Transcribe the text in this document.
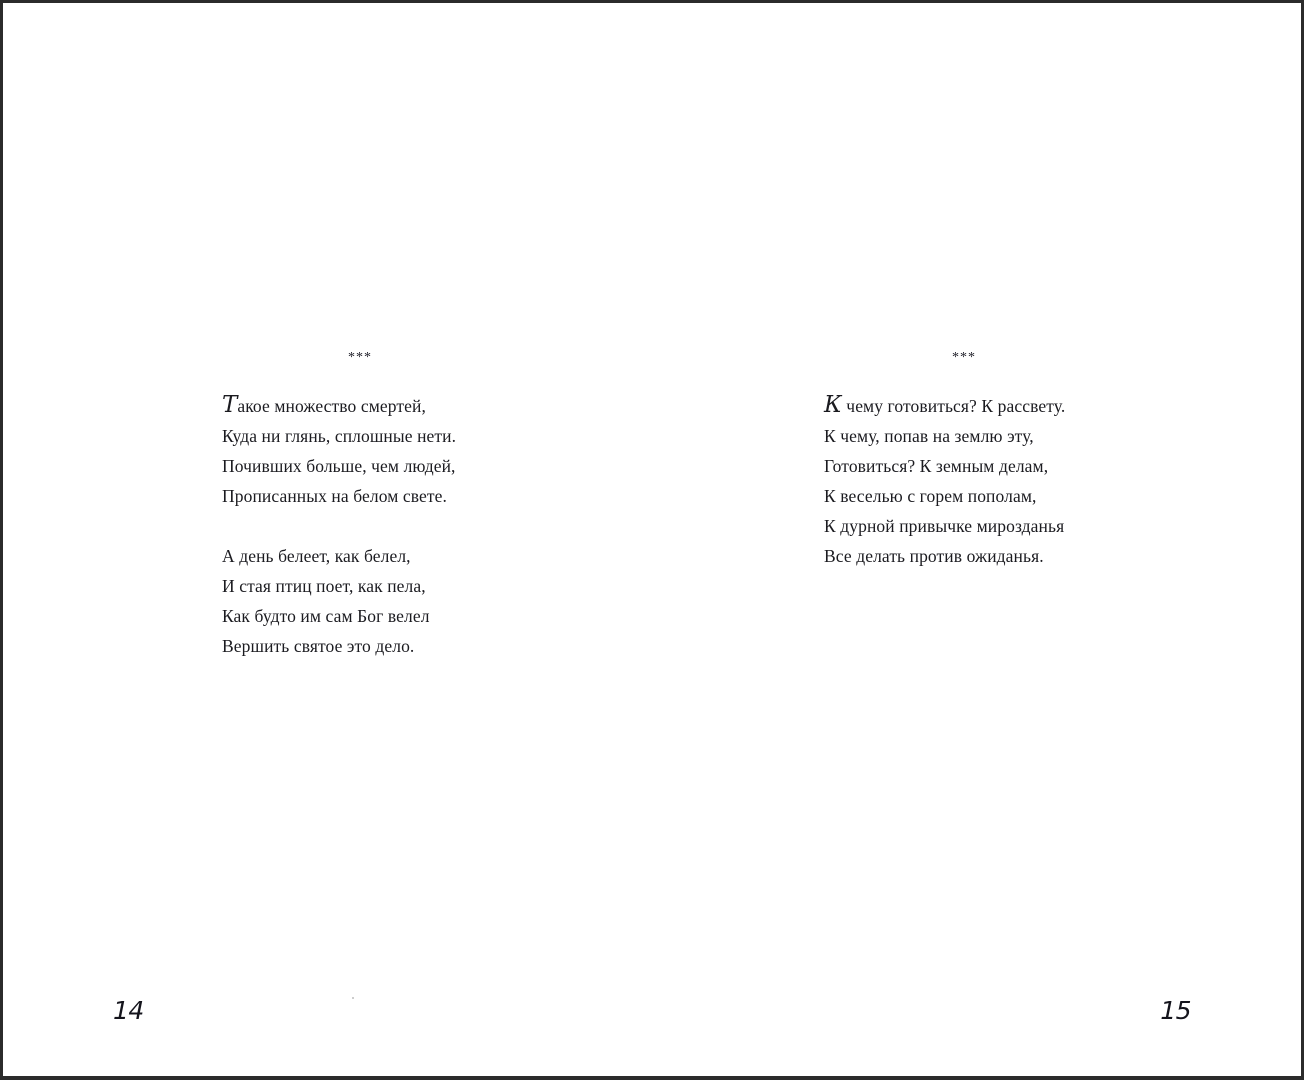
***
Такое множество смертей,
Куда ни глянь, сплошные нети.
Почивших больше, чем людей,
Прописанных на белом свете.
А день белеет, как белел,
И стая птиц поет, как пела,
Как будто им сам Бог велел
Вершить святое это дело.
14
***
К чему готовиться? К рассвету.
К чему, попав на землю эту,
Готовиться? К земным делам,
К веселью с горем пополам,
К дурной привычке мирозданья
Все делать против ожиданья.
15
